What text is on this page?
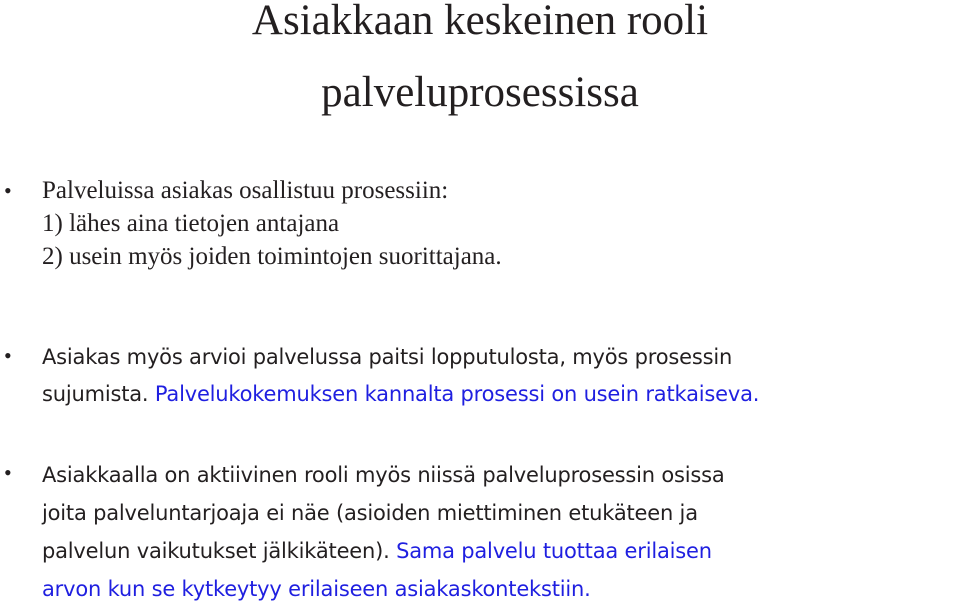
Asiakkaan keskeinen rooli
palveluprosessissa
• Palveluissa asiakas osallistuu prosessiin:
1) lähes aina tietojen antajana
2) usein myös joiden toimintojen suorittajana.
• Asiakas myös arvioi palvelussa paitsi lopputulosta, myös prosessin
sujumista. Palvelukokemuksen kannalta prosessi on usein ratkaiseva.
• Asiakkaalla on aktiivinen rooli myös niissä palveluprosessin osissa
joita palveluntarjoaja ei näe (asioiden miettiminen etukäteen ja
palvelun vaikutukset jälkikäteen). Sama palvelu tuottaa erilaisen
arvon kun se kytkeytyy erilaiseen asiakaskontekstiin.
